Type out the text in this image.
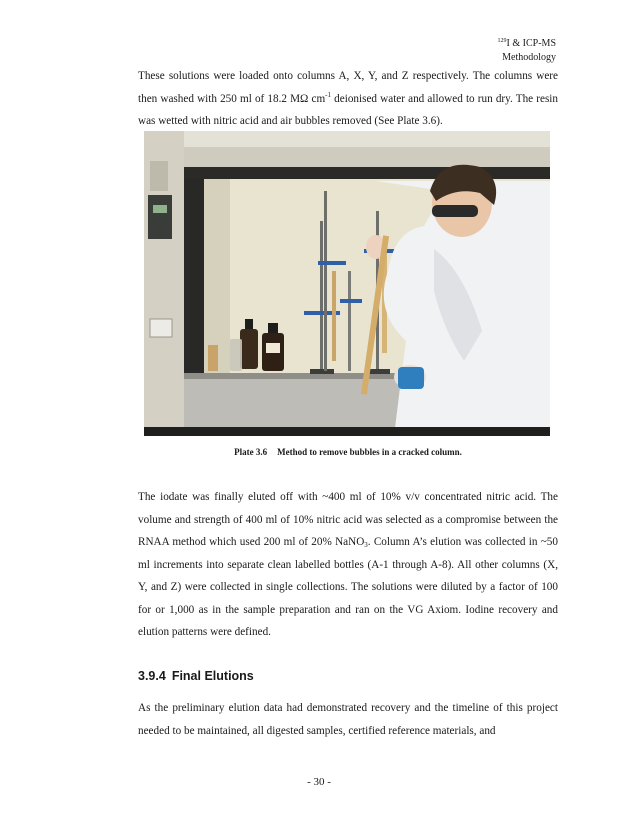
$^{129}$I & ICP-MS
Methodology

These solutions were loaded onto columns A, X, Y, and Z respectively. The columns were then washed with 250 ml of 18.2 MΩ $cm^{-1}$ deionised water and allowed to run dry. The resin was wetted with nitric acid and air bubbles removed (See Plate 3.6).

Plate 3.6 Method to remove bubbles in a cracked column.

The iodate was finally eluted off with ~400 ml of 10% v/v concentrated nitric acid. The volume and strength of 400 ml of 10% nitric acid was selected as a compromise between the RNAA method which used 200 ml of 20% NaNO$_3$. Column A’s elution was collected in ~50 ml increments into separate clean labelled bottles (A-1 through A-8). All other columns (X, Y, and Z) were collected in single collections. The solutions were diluted by a factor of 100 for or 1,000 as in the sample preparation and ran on the VG Axiom. Iodine recovery and elution patterns were defined.

3.9.4 Final Elutions

As the preliminary elution data had demonstrated recovery and the timeline of this project needed to be maintained, all digested samples, certified reference materials, and

- 30 -
